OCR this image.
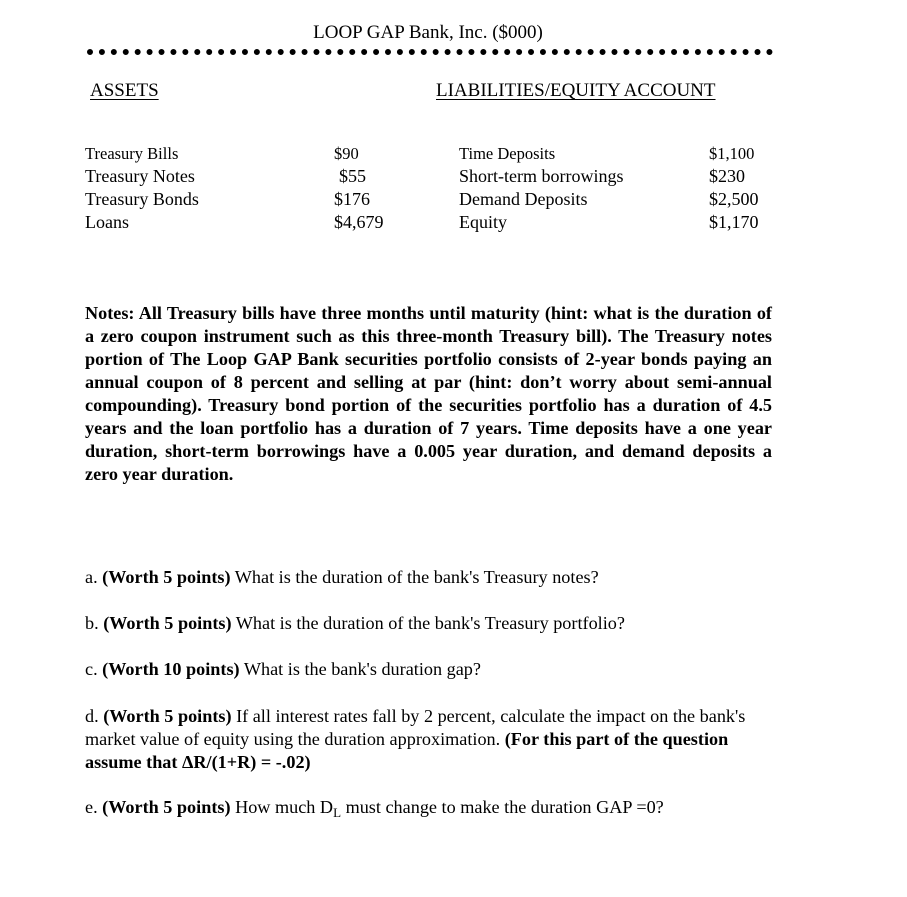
LOOP GAP Bank, Inc. ($000)
ASSETS	LIABILITIES/EQUITY ACCOUNT
Treasury Bills
Treasury Notes
Treasury Bonds
Loans
$90
$55
$176
$4,679
Time Deposits
Short-term borrowings
Demand Deposits
Equity
$1,100
$230
$2,500
$1,170
Notes: All Treasury bills have three months until maturity (hint: what is the duration of a zero coupon instrument such as this three-month Treasury bill). The Treasury notes portion of The Loop GAP Bank securities portfolio consists of 2-year bonds paying an annual coupon of 8 percent and selling at par (hint: don’t worry about semi-annual compounding). Treasury bond portion of the securities portfolio has a duration of 4.5 years and the loan portfolio has a duration of 7 years. Time deposits have a one year duration, short-term borrowings have a 0.005 year duration, and demand deposits a zero year duration.
a. (Worth 5 points) What is the duration of the bank's Treasury notes?
b. (Worth 5 points) What is the duration of the bank's Treasury portfolio?
c. (Worth 10 points) What is the bank's duration gap?
d. (Worth 5 points) If all interest rates fall by 2 percent, calculate the impact on the bank's market value of equity using the duration approximation. (For this part of the question assume that ΔR/(1+R) = -.02)
e. (Worth 5 points) How much $D_L$ must change to make the duration GAP =0?
